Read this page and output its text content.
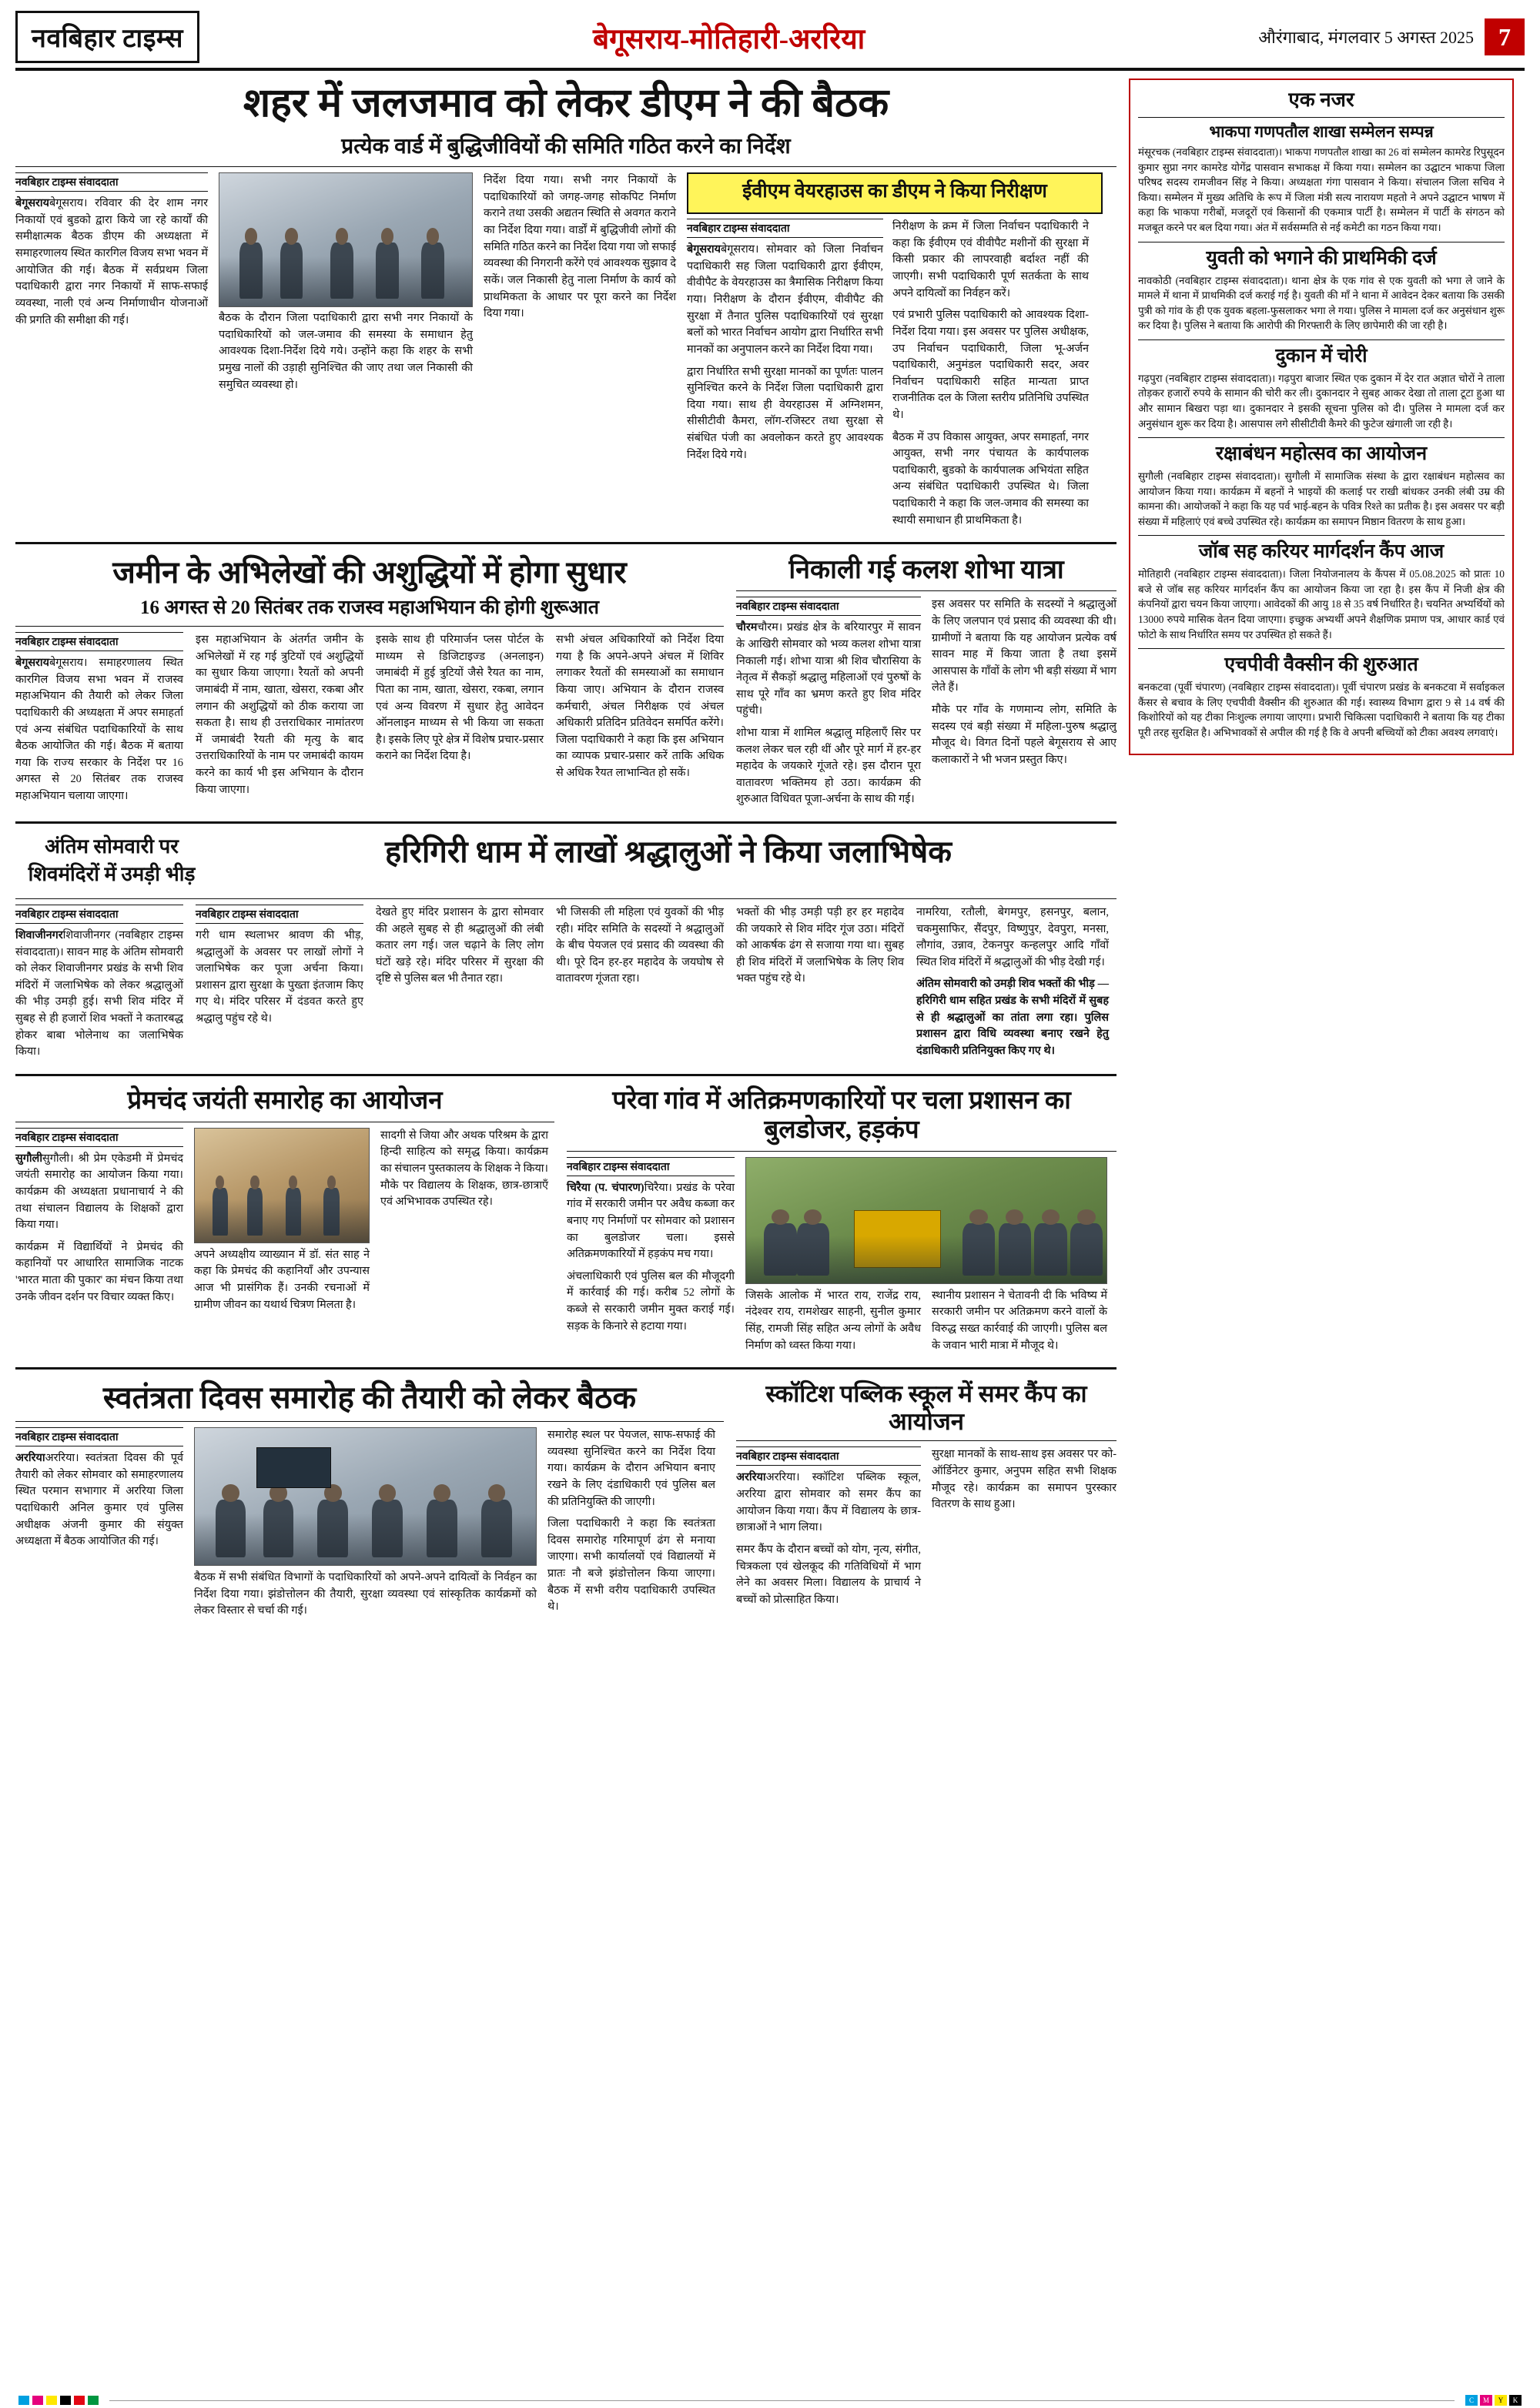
नवबिहार टाइम्स	बेगूसराय-मोतिहारी-अररिया	औरंगाबाद, मंगलवार 5 अगस्त 2025	7
शहर में जलजमाव को लेकर डीएम ने की बैठक
प्रत्येक वार्ड में बुद्धिजीवियों की समिति गठित करने का निर्देश
नवबिहार टाइम्स संवाददाता

बेगूसरायबेगूसराय। रविवार की देर शाम नगर निकायों एवं बुडको द्वारा किये जा रहे कार्यों की समीक्षात्मक बैठक डीएम की अध्यक्षता में समाहरणालय स्थित कारगिल विजय सभा भवन में आयोजित की गई। बैठक में सर्वप्रथम जिला पदाधिकारी द्वारा नगर निकायों में साफ-सफाई व्यवस्था, नाली एवं अन्य निर्माणाधीन योजनाओं की प्रगति की समीक्षा की गई।	बैठक के दौरान जिला पदाधिकारी द्वारा सभी नगर निकायों के पदाधिकारियों को जल-जमाव की समस्या के समाधान हेतु आवश्यक दिशा-निर्देश दिये गये। उन्होंने कहा कि शहर के सभी प्रमुख नालों की उड़ाही सुनिश्चित की जाए तथा जल निकासी की समुचित व्यवस्था हो।

निर्देश दिया गया। सभी नगर निकायों के पदाधिकारियों को जगह-जगह सोकपिट निर्माण कराने तथा उसकी अद्यतन स्थिति से अवगत कराने का निर्देश दिया गया। वार्डों में बुद्धिजीवी लोगों की समिति गठित करने का निर्देश दिया गया जो सफाई व्यवस्था की निगरानी करेंगे एवं आवश्यक सुझाव दे सकें। जल निकासी हेतु नाला निर्माण के कार्य को प्राथमिकता के आधार पर पूरा करने का निर्देश दिया गया।

ईवीएम वेयरहाउस का डीएम ने किया निरीक्षण
नवबिहार टाइम्स संवाददाता

बेगूसरायबेगूसराय। सोमवार को जिला निर्वाचन पदाधिकारी सह जिला पदाधिकारी द्वारा ईवीएम, वीवीपैट के वेयरहाउस का त्रैमासिक निरीक्षण किया गया। निरीक्षण के दौरान ईवीएम, वीवीपैट की सुरक्षा में तैनात पुलिस पदाधिकारियों एवं सुरक्षा बलों को भारत निर्वाचन आयोग द्वारा निर्धारित सभी मानकों का अनुपालन करने का निर्देश दिया गया।

द्वारा निर्धारित सभी सुरक्षा मानकों का पूर्णतः पालन सुनिश्चित करने के निर्देश जिला पदाधिकारी द्वारा दिया गया। साथ ही वेयरहाउस में अग्निशमन, सीसीटीवी कैमरा, लॉग-रजिस्टर तथा सुरक्षा से संबंधित पंजी का अवलोकन करते हुए आवश्यक निर्देश दिये गये।

निरीक्षण के क्रम में जिला निर्वाचन पदाधिकारी ने कहा कि ईवीएम एवं वीवीपैट मशीनों की सुरक्षा में किसी प्रकार की लापरवाही बर्दाश्त नहीं की जाएगी। सभी पदाधिकारी पूर्ण सतर्कता के साथ अपने दायित्वों का निर्वहन करें।

एवं प्रभारी पुलिस पदाधिकारी को आवश्यक दिशा-निर्देश दिया गया। इस अवसर पर पुलिस अधीक्षक, उप निर्वाचन पदाधिकारी, जिला भू-अर्जन पदाधिकारी, अनुमंडल पदाधिकारी सदर, अवर निर्वाचन पदाधिकारी सहित मान्यता प्राप्त राजनीतिक दल के जिला स्तरीय प्रतिनिधि उपस्थित थे।

बैठक में उप विकास आयुक्त, अपर समाहर्ता, नगर आयुक्त, सभी नगर पंचायत के कार्यपालक पदाधिकारी, बुडको के कार्यपालक अभियंता सहित अन्य संबंधित पदाधिकारी उपस्थित थे। जिला पदाधिकारी ने कहा कि जल-जमाव की समस्या का स्थायी समाधान ही प्राथमिकता है।

जमीन के अभिलेखों की अशुद्धियों में होगा सुधार
16 अगस्त से 20 सितंबर तक राजस्व महाअभियान की होगी शुरूआत
नवबिहार टाइम्स संवाददाता

बेगूसरायबेगूसराय। समाहरणालय स्थित कारगिल विजय सभा भवन में राजस्व महाअभियान की तैयारी को लेकर जिला पदाधिकारी की अध्यक्षता में अपर समाहर्ता एवं अन्य संबंधित पदाधिकारियों के साथ बैठक आयोजित की गई। बैठक में बताया गया कि राज्य सरकार के निर्देश पर 16 अगस्त से 20 सितंबर तक राजस्व महाअभियान चलाया जाएगा।

इस महाअभियान के अंतर्गत जमीन के अभिलेखों में रह गई त्रुटियों एवं अशुद्धियों का सुधार किया जाएगा। रैयतों को अपनी जमाबंदी में नाम, खाता, खेसरा, रकबा और लगान की अशुद्धियों को ठीक कराया जा सकता है। साथ ही उत्तराधिकार नामांतरण में जमाबंदी रैयती की मृत्यु के बाद उत्तराधिकारियों के नाम पर जमाबंदी कायम करने का कार्य भी इस अभियान के दौरान किया जाएगा।

इसके साथ ही परिमार्जन प्लस पोर्टल के माध्यम से डिजिटाइज्ड (अनलाइन) जमाबंदी में हुई त्रुटियों जैसे रैयत का नाम, पिता का नाम, खाता, खेसरा, रकबा, लगान एवं अन्य विवरण में सुधार हेतु आवेदन ऑनलाइन माध्यम से भी किया जा सकता है। इसके लिए पूरे क्षेत्र में विशेष प्रचार-प्रसार कराने का निर्देश दिया है।

सभी अंचल अधिकारियों को निर्देश दिया गया है कि अपने-अपने अंचल में शिविर लगाकर रैयतों की समस्याओं का समाधान किया जाए। अभियान के दौरान राजस्व कर्मचारी, अंचल निरीक्षक एवं अंचल अधिकारी प्रतिदिन प्रतिवेदन समर्पित करेंगे। जिला पदाधिकारी ने कहा कि इस अभियान का व्यापक प्रचार-प्रसार करें ताकि अधिक से अधिक रैयत लाभान्वित हो सकें।

निकाली गई कलश शोभा यात्रा
नवबिहार टाइम्स संवाददाता

चौरमचौरम। प्रखंड क्षेत्र के बरियारपुर में सावन के आखिरी सोमवार को भव्य कलश शोभा यात्रा निकाली गई। शोभा यात्रा श्री शिव चौरासिया के नेतृत्व में सैकड़ों श्रद्धालु महिलाओं एवं पुरुषों के साथ पूरे गाँव का भ्रमण करते हुए शिव मंदिर पहुंची।

शोभा यात्रा में शामिल श्रद्धालु महिलाएँ सिर पर कलश लेकर चल रही थीं और पूरे मार्ग में हर-हर महादेव के जयकारे गूंजते रहे। इस दौरान पूरा वातावरण भक्तिमय हो उठा। कार्यक्रम की शुरुआत विधिवत पूजा-अर्चना के साथ की गई।

इस अवसर पर समिति के सदस्यों ने श्रद्धालुओं के लिए जलपान एवं प्रसाद की व्यवस्था की थी। ग्रामीणों ने बताया कि यह आयोजन प्रत्येक वर्ष सावन माह में किया जाता है तथा इसमें आसपास के गाँवों के लोग भी बड़ी संख्या में भाग लेते हैं।

मौके पर गाँव के गणमान्य लोग, समिति के सदस्य एवं बड़ी संख्या में महिला-पुरुष श्रद्धालु मौजूद थे। विगत दिनों पहले बेगूसराय से आए कलाकारों ने भी भजन प्रस्तुत किए।

अंतिम सोमवारी पर शिवमंदिरों में उमड़ी भीड़
हरिगिरी धाम में लाखों श्रद्धालुओं ने किया जलाभिषेक
नवबिहार टाइम्स संवाददाता

शिवाजीनगरशिवाजीनगर (नवबिहार टाइम्स संवाददाता)। सावन माह के अंतिम सोमवारी को लेकर शिवाजीनगर प्रखंड के सभी शिव मंदिरों में जलाभिषेक को लेकर श्रद्धालुओं की भीड़ उमड़ी हुई। सभी शिव मंदिर में सुबह से ही हजारों शिव भक्तों ने कतारबद्ध होकर बाबा भोलेनाथ का जलाभिषेक किया।

नवबिहार टाइम्स संवाददाता

गरी धाम स्थलाभर श्रावण की भीड़, श्रद्धालुओं के अवसर पर लाखों लोगों ने जलाभिषेक कर पूजा अर्चना किया। प्रशासन द्वारा सुरक्षा के पुख्ता इंतजाम किए गए थे। मंदिर परिसर में दंडवत करते हुए श्रद्धालु पहुंच रहे थे।

देखते हुए मंदिर प्रशासन के द्वारा सोमवार की अहले सुबह से ही श्रद्धालुओं की लंबी कतार लग गई। जल चढ़ाने के लिए लोग घंटों खड़े रहे। मंदिर परिसर में सुरक्षा की दृष्टि से पुलिस बल भी तैनात रहा।

भी जिसकी ली महिला एवं युवकों की भीड़ रही। मंदिर समिति के सदस्यों ने श्रद्धालुओं के बीच पेयजल एवं प्रसाद की व्यवस्था की थी। पूरे दिन हर-हर महादेव के जयघोष से वातावरण गूंजता रहा।

भक्तों की भीड़ उमड़ी पड़ी हर हर महादेव की जयकारे से शिव मंदिर गूंज उठा। मंदिरों को आकर्षक ढंग से सजाया गया था। सुबह ही शिव मंदिरों में जलाभिषेक के लिए शिव भक्त पहुंच रहे थे।

नामरिया, रतौली, बेगमपुर, हसनपुर, बलान, चकमुसाफिर, सैंदपुर, विष्णुपुर, देवपुरा, मनसा, लौगांव, उन्नाव, टेकनपुर कन्हलपुर आदि गाँवों स्थित शिव मंदिरों में श्रद्धालुओं की भीड़ देखी गई।

अंतिम सोमवारी को उमड़ी शिव भक्तों की भीड़ — हरिगिरी धाम सहित प्रखंड के सभी मंदिरों में सुबह से ही श्रद्धालुओं का तांता लगा रहा। पुलिस प्रशासन द्वारा विधि व्यवस्था बनाए रखने हेतु दंडाधिकारी प्रतिनियुक्त किए गए थे।

प्रेमचंद जयंती समारोह का आयोजन
नवबिहार टाइम्स संवाददाता

सुगौलीसुगौली। श्री प्रेम एकेडमी में प्रेमचंद जयंती समारोह का आयोजन किया गया। कार्यक्रम की अध्यक्षता प्रधानाचार्य ने की तथा संचालन विद्यालय के शिक्षकों द्वारा किया गया।

कार्यक्रम में विद्यार्थियों ने प्रेमचंद की कहानियों पर आधारित सामाजिक नाटक 'भारत माता की पुकार' का मंचन किया तथा उनके जीवन दर्शन पर विचार व्यक्त किए।

अपने अध्यक्षीय व्याख्यान में डॉ. संत साह ने कहा कि प्रेमचंद की कहानियाँ और उपन्यास आज भी प्रासंगिक हैं। उनकी रचनाओं में ग्रामीण जीवन का यथार्थ चित्रण मिलता है।

सादगी से जिया और अथक परिश्रम के द्वारा हिन्दी साहित्य को समृद्ध किया। कार्यक्रम का संचालन पुस्तकालय के शिक्षक ने किया। मौके पर विद्यालय के शिक्षक, छात्र-छात्राएँ एवं अभिभावक उपस्थित रहे।

परेवा गांव में अतिक्रमणकारियों पर चला प्रशासन का बुलडोजर, हड़कंप
नवबिहार टाइम्स संवाददाता

चिरैया (प. चंपारण)चिरैया। प्रखंड के परेवा गांव में सरकारी जमीन पर अवैध कब्जा कर बनाए गए निर्माणों पर सोमवार को प्रशासन का बुलडोजर चला। इससे अतिक्रमणकारियों में हड़कंप मच गया।

अंचलाधिकारी एवं पुलिस बल की मौजूदगी में कार्रवाई की गई। करीब 52 लोगों के कब्जे से सरकारी जमीन मुक्त कराई गई। सड़क के किनारे से हटाया गया।

जिसके आलोक में भारत राय, राजेंद्र राय, नंदेश्वर राय, रामशेखर साहनी, सुनील कुमार सिंह, रामजी सिंह सहित अन्य लोगों के अवैध निर्माण को ध्वस्त किया गया।

स्थानीय प्रशासन ने चेतावनी दी कि भविष्य में सरकारी जमीन पर अतिक्रमण करने वालों के विरुद्ध सख्त कार्रवाई की जाएगी। पुलिस बल के जवान भारी मात्रा में मौजूद थे।

स्वतंत्रता दिवस समारोह की तैयारी को लेकर बैठक
नवबिहार टाइम्स संवाददाता

अररियाअररिया। स्वतंत्रता दिवस की पूर्व तैयारी को लेकर सोमवार को समाहरणालय स्थित परमान सभागार में अररिया जिला पदाधिकारी अनिल कुमार एवं पुलिस अधीक्षक अंजनी कुमार की संयुक्त अध्यक्षता में बैठक आयोजित की गई।

बैठक में सभी संबंधित विभागों के पदाधिकारियों को अपने-अपने दायित्वों के निर्वहन का निर्देश दिया गया। झंडोत्तोलन की तैयारी, सुरक्षा व्यवस्था एवं सांस्कृतिक कार्यक्रमों को लेकर विस्तार से चर्चा की गई।

समारोह स्थल पर पेयजल, साफ-सफाई की व्यवस्था सुनिश्चित करने का निर्देश दिया गया। कार्यक्रम के दौरान अभियान बनाए रखने के लिए दंडाधिकारी एवं पुलिस बल की प्रतिनियुक्ति की जाएगी।

जिला पदाधिकारी ने कहा कि स्वतंत्रता दिवस समारोह गरिमापूर्ण ढंग से मनाया जाएगा। सभी कार्यालयों एवं विद्यालयों में प्रातः नौ बजे झंडोत्तोलन किया जाएगा। बैठक में सभी वरीय पदाधिकारी उपस्थित थे।

स्कॉटिश पब्लिक स्कूल में समर कैंप का आयोजन
नवबिहार टाइम्स संवाददाता

अररियाअररिया। स्कॉटिश पब्लिक स्कूल, अररिया द्वारा सोमवार को समर कैंप का आयोजन किया गया। कैंप में विद्यालय के छात्र-छात्राओं ने भाग लिया।

समर कैंप के दौरान बच्चों को योग, नृत्य, संगीत, चित्रकला एवं खेलकूद की गतिविधियों में भाग लेने का अवसर मिला। विद्यालय के प्राचार्य ने बच्चों को प्रोत्साहित किया।

सुरक्षा मानकों के साथ-साथ इस अवसर पर को-ऑर्डिनेटर कुमार, अनुपम सहित सभी शिक्षक मौजूद रहे। कार्यक्रम का समापन पुरस्कार वितरण के साथ हुआ।

एक नजर
भाकपा गणपतौल शाखा सम्मेलन सम्पन्न

मंसूरचक (नवबिहार टाइम्स संवाददाता)। भाकपा गणपतौल शाखा का 26 वां सम्मेलन कामरेड रिपुसूदन कुमार सुप्रा नगर कामरेड योगेंद्र पासवान सभाकक्ष में किया गया। सम्मेलन का उद्घाटन भाकपा जिला परिषद सदस्य रामजीवन सिंह ने किया। अध्यक्षता गंगा पासवान ने किया। संचालन जिला सचिव ने किया। सम्मेलन में मुख्य अतिथि के रूप में जिला मंत्री सत्य नारायण महतो ने अपने उद्घाटन भाषण में कहा कि भाकपा गरीबों, मजदूरों एवं किसानों की एकमात्र पार्टी है। सम्मेलन में पार्टी के संगठन को मजबूत करने पर बल दिया गया। अंत में सर्वसम्मति से नई कमेटी का गठन किया गया।

युवती को भगाने की प्राथमिकी दर्ज

नावकोठी (नवबिहार टाइम्स संवाददाता)। थाना क्षेत्र के एक गांव से एक युवती को भगा ले जाने के मामले में थाना में प्राथमिकी दर्ज कराई गई है। युवती की माँ ने थाना में आवेदन देकर बताया कि उसकी पुत्री को गांव के ही एक युवक बहला-फुसलाकर भगा ले गया। पुलिस ने मामला दर्ज कर अनुसंधान शुरू कर दिया है। पुलिस ने बताया कि आरोपी की गिरफ्तारी के लिए छापेमारी की जा रही है।

दुकान में चोरी

गढ़पुरा (नवबिहार टाइम्स संवाददाता)। गढ़पुरा बाजार स्थित एक दुकान में देर रात अज्ञात चोरों ने ताला तोड़कर हजारों रुपये के सामान की चोरी कर ली। दुकानदार ने सुबह आकर देखा तो ताला टूटा हुआ था और सामान बिखरा पड़ा था। दुकानदार ने इसकी सूचना पुलिस को दी। पुलिस ने मामला दर्ज कर अनुसंधान शुरू कर दिया है। आसपास लगे सीसीटीवी कैमरे की फुटेज खंगाली जा रही है।

रक्षाबंधन महोत्सव का आयोजन

सुगौली (नवबिहार टाइम्स संवाददाता)। सुगौली में सामाजिक संस्था के द्वारा रक्षाबंधन महोत्सव का आयोजन किया गया। कार्यक्रम में बहनों ने भाइयों की कलाई पर राखी बांधकर उनकी लंबी उम्र की कामना की। आयोजकों ने कहा कि यह पर्व भाई-बहन के पवित्र रिश्ते का प्रतीक है। इस अवसर पर बड़ी संख्या में महिलाएं एवं बच्चे उपस्थित रहे। कार्यक्रम का समापन मिष्ठान वितरण के साथ हुआ।

जॉब सह करियर मार्गदर्शन कैंप आज

मोतिहारी (नवबिहार टाइम्स संवाददाता)। जिला नियोजनालय के कैंपस में 05.08.2025 को प्रातः 10 बजे से जॉब सह करियर मार्गदर्शन कैंप का आयोजन किया जा रहा है। इस कैंप में निजी क्षेत्र की कंपनियों द्वारा चयन किया जाएगा। आवेदकों की आयु 18 से 35 वर्ष निर्धारित है। चयनित अभ्यर्थियों को 13000 रुपये मासिक वेतन दिया जाएगा। इच्छुक अभ्यर्थी अपने शैक्षणिक प्रमाण पत्र, आधार कार्ड एवं फोटो के साथ निर्धारित समय पर उपस्थित हो सकते हैं।

एचपीवी वैक्सीन की शुरुआत

बनकटवा (पूर्वी चंपारण) (नवबिहार टाइम्स संवाददाता)। पूर्वी चंपारण प्रखंड के बनकटवा में सर्वाइकल कैंसर से बचाव के लिए एचपीवी वैक्सीन की शुरुआत की गई। स्वास्थ्य विभाग द्वारा 9 से 14 वर्ष की किशोरियों को यह टीका निःशुल्क लगाया जाएगा। प्रभारी चिकित्सा पदाधिकारी ने बताया कि यह टीका पूरी तरह सुरक्षित है। अभिभावकों से अपील की गई है कि वे अपनी बच्चियों को टीका अवश्य लगवाएं।

C	M	Y	K
